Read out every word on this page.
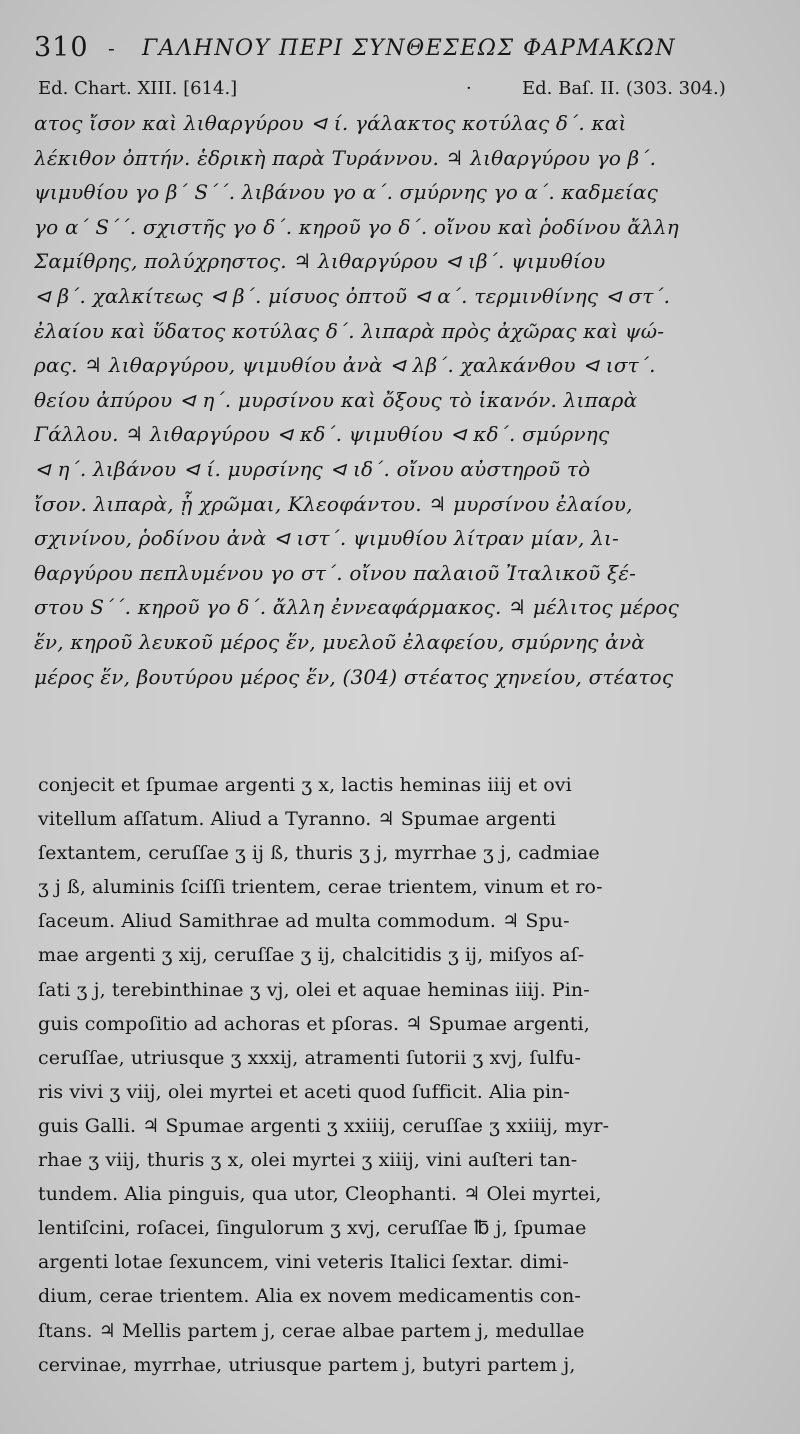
310 - ΓΑΛΗΝΟΥ ΠΕΡΙ ΣΥΝΘΕΣΕΩΣ ΦΑΡΜΑΚΩΝ
Ed. Chart. XIII. [614.]	·	Ed. Baſ. II. (303. 304.)
ατος ἴσον καὶ λιθαργύρου ⊲ ί. γάλακτος κοτύλας δ΄. καὶ
λέκιθον ὀπτήν. ἑδρικὴ παρὰ Τυράννου. ♃ λιθαργύρου γο β΄.
ψιμυθίου γο β΄ S΄΄. λιβάνου γο α΄. σμύρνης γο α΄. καδμείας
γο α΄ S΄΄. σχιστῆς γο δ΄. κηροῦ γο δ΄. οἴνου καὶ ῥοδίνου ἄλλη
Σαμίθρης, πολύχρηστος. ♃ λιθαργύρου ⊲ ιβ΄. ψιμυθίου
⊲ β΄. χαλκίτεως ⊲ β΄. μίσυος ὀπτοῦ ⊲ α΄. τερμινθίνης ⊲ στ΄.
ἐλαίου καὶ ὕδατος κοτύλας δ΄. λιπαρὰ πρὸς ἀχῶρας καὶ ψώ-
ρας. ♃ λιθαργύρου, ψιμυθίου ἀνὰ ⊲ λβ΄. χαλκάνθου ⊲ ιστ΄.
θείου ἀπύρου ⊲ η΄. μυρσίνου καὶ ὄξους τὸ ἱκανόν. λιπαρὰ
Γάλλου. ♃ λιθαργύρου ⊲ κδ΄. ψιμυθίου ⊲ κδ΄. σμύρνης
⊲ η΄. λιβάνου ⊲ ί. μυρσίνης ⊲ ιδ΄. οἴνου αὐστηροῦ τὸ
ἴσον. λιπαρὰ, ᾗ χρῶμαι, Κλεοφάντου. ♃ μυρσίνου ἐλαίου,
σχινίνου, ῥοδίνου ἀνὰ ⊲ ιστ΄. ψιμυθίου λίτραν μίαν, λι-
θαργύρου πεπλυμένου γο στ΄. οἴνου παλαιοῦ Ἰταλικοῦ ξέ-
στου S΄΄. κηροῦ γο δ΄. ἄλλη ἐννεαφάρμακος. ♃ μέλιτος μέρος
ἕν, κηροῦ λευκοῦ μέρος ἕν, μυελοῦ ἐλαφείου, σμύρνης ἀνὰ
μέρος ἕν, βουτύρου μέρος ἕν, (304) στέατος χηνείου, στέατος
conjecit et ſpumae argenti ʒ x, lactis heminas iiij et ovi
vitellum aſſatum. Aliud a Tyranno. ♃ Spumae argenti
ſextantem, ceruſſae ʒ ij ß, thuris ʒ j, myrrhae ʒ j, cadmiae
ʒ j ß, aluminis ſciſſi trientem, cerae trientem, vinum et ro-
ſaceum. Aliud Samithrae ad multa commodum. ♃ Spu-
mae argenti ʒ xij, ceruſſae ʒ ij, chalcitidis ʒ ij, miſyos aſ-
ſati ʒ j, terebinthinae ʒ vj, olei et aquae heminas iiij. Pin-
guis compoſitio ad achoras et pſoras. ♃ Spumae argenti,
ceruſſae, utriusque ʒ xxxij, atramenti ſutorii ʒ xvj, ſulfu-
ris vivi ʒ viij, olei myrtei et aceti quod ſufficit. Alia pin-
guis Galli. ♃ Spumae argenti ʒ xxiiij, ceruſſae ʒ xxiiij, myr-
rhae ʒ viij, thuris ʒ x, olei myrtei ʒ xiiij, vini auſteri tan-
tundem. Alia pinguis, qua utor, Cleophanti. ♃ Olei myrtei,
lentiſcini, roſacei, ſingulorum ʒ xvj, ceruſſae ℔ j, ſpumae
argenti lotae ſexuncem, vini veteris Italici ſextar. dimi-
dium, cerae trientem. Alia ex novem medicamentis con-
ſtans. ♃ Mellis partem j, cerae albae partem j, medullae
cervinae, myrrhae, utriusque partem j, butyri partem j,
